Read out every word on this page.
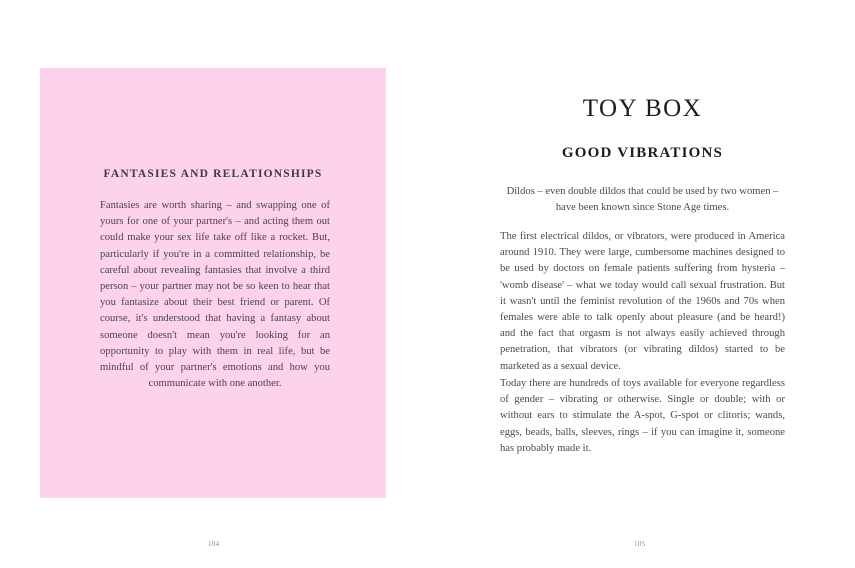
FANTASIES AND RELATIONSHIPS

Fantasies are worth sharing – and swapping one of yours for one of your partner's – and acting them out could make your sex life take off like a rocket. But, particularly if you're in a committed relationship, be careful about revealing fantasies that involve a third person – your partner may not be so keen to hear that you fantasize about their best friend or parent. Of course, it's understood that having a fantasy about someone doesn't mean you're looking for an opportunity to play with them in real life, but be mindful of your partner's emotions and how you communicate with one another.

104
TOY BOX
GOOD VIBRATIONS

Dildos – even double dildos that could be used by two women – have been known since Stone Age times.

The first electrical dildos, or vibrators, were produced in America around 1910. They were large, cumbersome machines designed to be used by doctors on female patients suffering from hysteria – 'womb disease' – what we today would call sexual frustration. But it wasn't until the feminist revolution of the 1960s and 70s when females were able to talk openly about pleasure (and be heard!) and the fact that orgasm is not always easily achieved through penetration, that vibrators (or vibrating dildos) started to be marketed as a sexual device.

Today there are hundreds of toys available for everyone regardless of gender – vibrating or otherwise. Single or double; with or without ears to stimulate the A-spot, G-spot or clitoris; wands, eggs, beads, balls, sleeves, rings – if you can imagine it, someone has probably made it.

105
